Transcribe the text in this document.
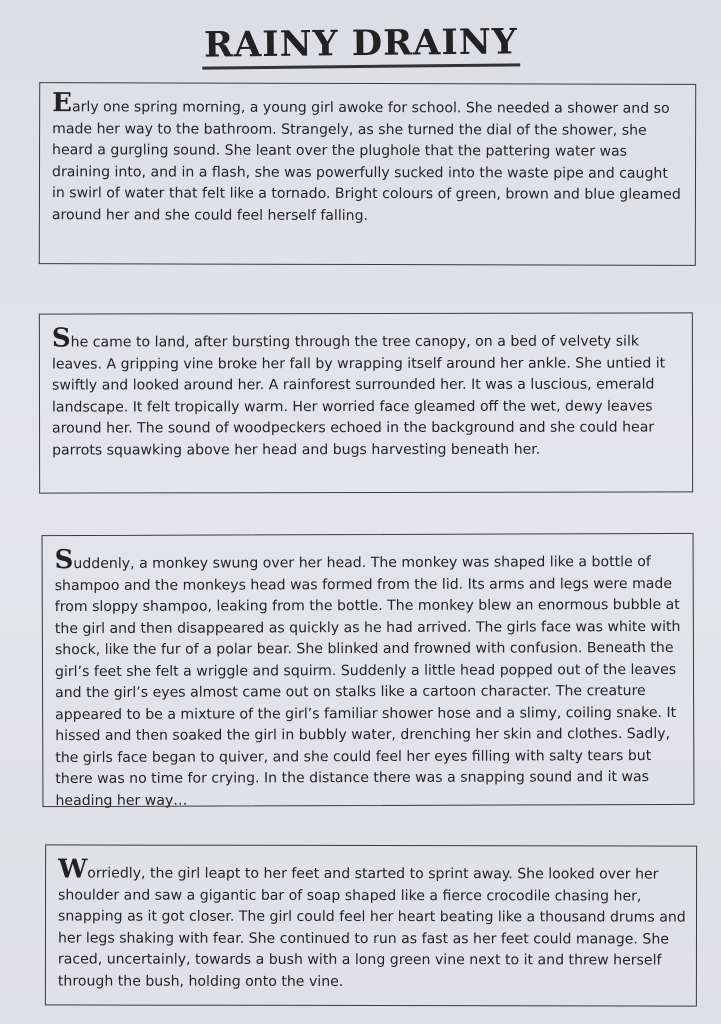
RAINY DRAINY

Early one spring morning, a young girl awoke for school. She needed a shower and so made her way to the bathroom. Strangely, as she turned the dial of the shower, she heard a gurgling sound. She leant over the plughole that the pattering water was draining into, and in a flash, she was powerfully sucked into the waste pipe and caught in swirl of water that felt like a tornado. Bright colours of green, brown and blue gleamed around her and she could feel herself falling.

She came to land, after bursting through the tree canopy, on a bed of velvety silk leaves. A gripping vine broke her fall by wrapping itself around her ankle. She untied it swiftly and looked around her. A rainforest surrounded her. It was a luscious, emerald landscape. It felt tropically warm. Her worried face gleamed off the wet, dewy leaves around her. The sound of woodpeckers echoed in the background and she could hear parrots squawking above her head and bugs harvesting beneath her.

Suddenly, a monkey swung over her head. The monkey was shaped like a bottle of shampoo and the monkeys head was formed from the lid. Its arms and legs were made from sloppy shampoo, leaking from the bottle. The monkey blew an enormous bubble at the girl and then disappeared as quickly as he had arrived. The girls face was white with shock, like the fur of a polar bear. She blinked and frowned with confusion. Beneath the girl’s feet she felt a wriggle and squirm. Suddenly a little head popped out of the leaves and the girl’s eyes almost came out on stalks like a cartoon character. The creature appeared to be a mixture of the girl’s familiar shower hose and a slimy, coiling snake. It hissed and then soaked the girl in bubbly water, drenching her skin and clothes. Sadly, the girls face began to quiver, and she could feel her eyes filling with salty tears but there was no time for crying. In the distance there was a snapping sound and it was heading her way…

Worriedly, the girl leapt to her feet and started to sprint away. She looked over her shoulder and saw a gigantic bar of soap shaped like a fierce crocodile chasing her, snapping as it got closer. The girl could feel her heart beating like a thousand drums and her legs shaking with fear. She continued to run as fast as her feet could manage. She raced, uncertainly, towards a bush with a long green vine next to it and threw herself through the bush, holding onto the vine.
